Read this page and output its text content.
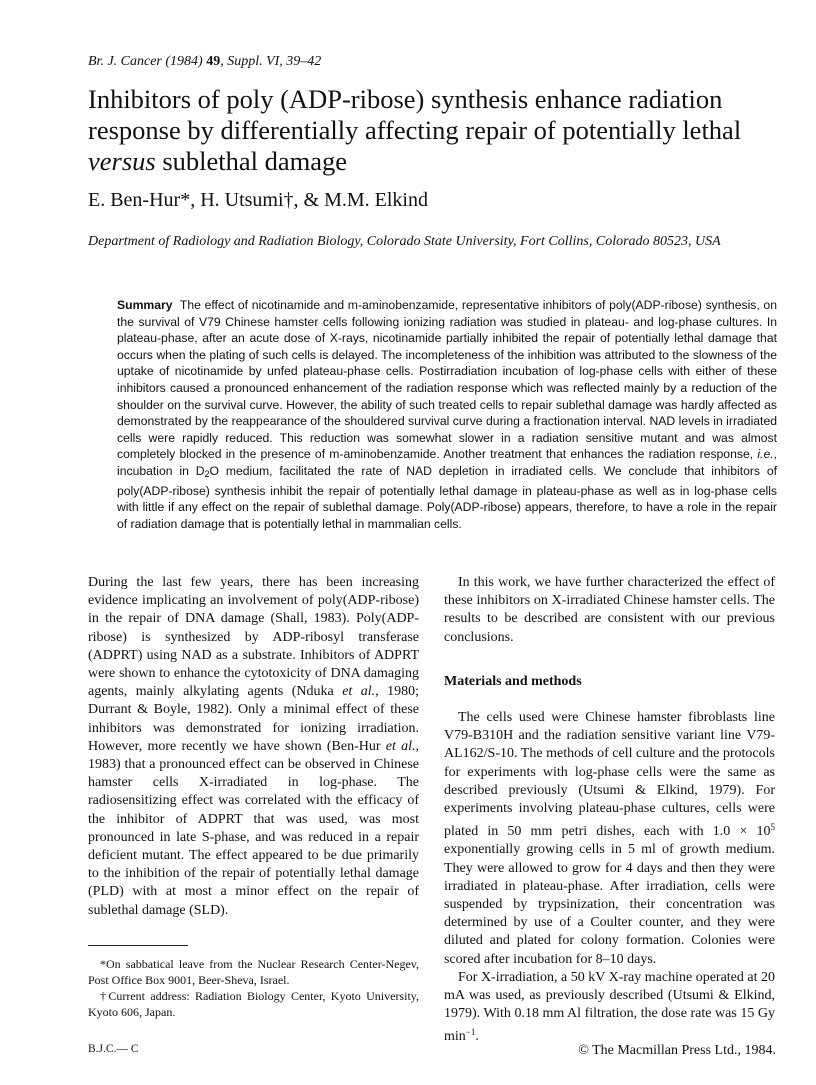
Br. J. Cancer (1984) 49, Suppl. VI, 39–42
Inhibitors of poly (ADP-ribose) synthesis enhance radiation response by differentially affecting repair of potentially lethal versus sublethal damage
E. Ben-Hur*, H. Utsumi†, & M.M. Elkind
Department of Radiology and Radiation Biology, Colorado State University, Fort Collins, Colorado 80523, USA
Summary The effect of nicotinamide and m-aminobenzamide, representative inhibitors of poly(ADP-ribose) synthesis, on the survival of V79 Chinese hamster cells following ionizing radiation was studied in plateau- and log-phase cultures. In plateau-phase, after an acute dose of X-rays, nicotinamide partially inhibited the repair of potentially lethal damage that occurs when the plating of such cells is delayed. The incompleteness of the inhibition was attributed to the slowness of the uptake of nicotinamide by unfed plateau-phase cells. Postirradiation incubation of log-phase cells with either of these inhibitors caused a pronounced enhancement of the radiation response which was reflected mainly by a reduction of the shoulder on the survival curve. However, the ability of such treated cells to repair sublethal damage was hardly affected as demonstrated by the reappearance of the shouldered survival curve during a fractionation interval. NAD levels in irradiated cells were rapidly reduced. This reduction was somewhat slower in a radiation sensitive mutant and was almost completely blocked in the presence of m-aminobenzamide. Another treatment that enhances the radiation response, i.e., incubation in $D_2O$ medium, facilitated the rate of NAD depletion in irradiated cells. We conclude that inhibitors of poly(ADP-ribose) synthesis inhibit the repair of potentially lethal damage in plateau-phase as well as in log-phase cells with little if any effect on the repair of sublethal damage. Poly(ADP-ribose) appears, therefore, to have a role in the repair of radiation damage that is potentially lethal in mammalian cells.

During the last few years, there has been increasing evidence implicating an involvement of poly(ADP-ribose) in the repair of DNA damage (Shall, 1983). Poly(ADP-ribose) is synthesized by ADP-ribosyl transferase (ADPRT) using NAD as a substrate. Inhibitors of ADPRT were shown to enhance the cytotoxicity of DNA damaging agents, mainly alkylating agents (Nduka et al., 1980; Durrant & Boyle, 1982). Only a minimal effect of these inhibitors was demonstrated for ionizing irradiation. However, more recently we have shown (Ben-Hur et al., 1983) that a pronounced effect can be observed in Chinese hamster cells X-irradiated in log-phase. The radiosensitizing effect was correlated with the efficacy of the inhibitor of ADPRT that was used, was most pronounced in late S-phase, and was reduced in a repair deficient mutant. The effect appeared to be due primarily to the inhibition of the repair of potentially lethal damage (PLD) with at most a minor effect on the repair of sublethal damage (SLD).

In this work, we have further characterized the effect of these inhibitors on X-irradiated Chinese hamster cells. The results to be described are consistent with our previous conclusions.

Materials and methods

The cells used were Chinese hamster fibroblasts line V79-B310H and the radiation sensitive variant line V79-AL162/S-10. The methods of cell culture and the protocols for experiments with log-phase cells were the same as described previously (Utsumi & Elkind, 1979). For experiments involving plateau-phase cultures, cells were plated in 50 mm petri dishes, each with $1.0 \times 10^5$ exponentially growing cells in 5 ml of growth medium. They were allowed to grow for 4 days and then they were irradiated in plateau-phase. After irradiation, cells were suspended by trypsinization, their concentration was determined by use of a Coulter counter, and they were diluted and plated for colony formation. Colonies were scored after incubation for 8–10 days.

For X-irradiation, a 50 kV X-ray machine operated at 20 mA was used, as previously described (Utsumi & Elkind, 1979). With 0.18 mm Al filtration, the dose rate was 15 Gy $\min^{-1}$.

*On sabbatical leave from the Nuclear Research Center-Negev, Post Office Box 9001, Beer-Sheva, Israel.

†Current address: Radiation Biology Center, Kyoto University, Kyoto 606, Japan.

B.J.C.— C	© The Macmillan Press Ltd., 1984.
